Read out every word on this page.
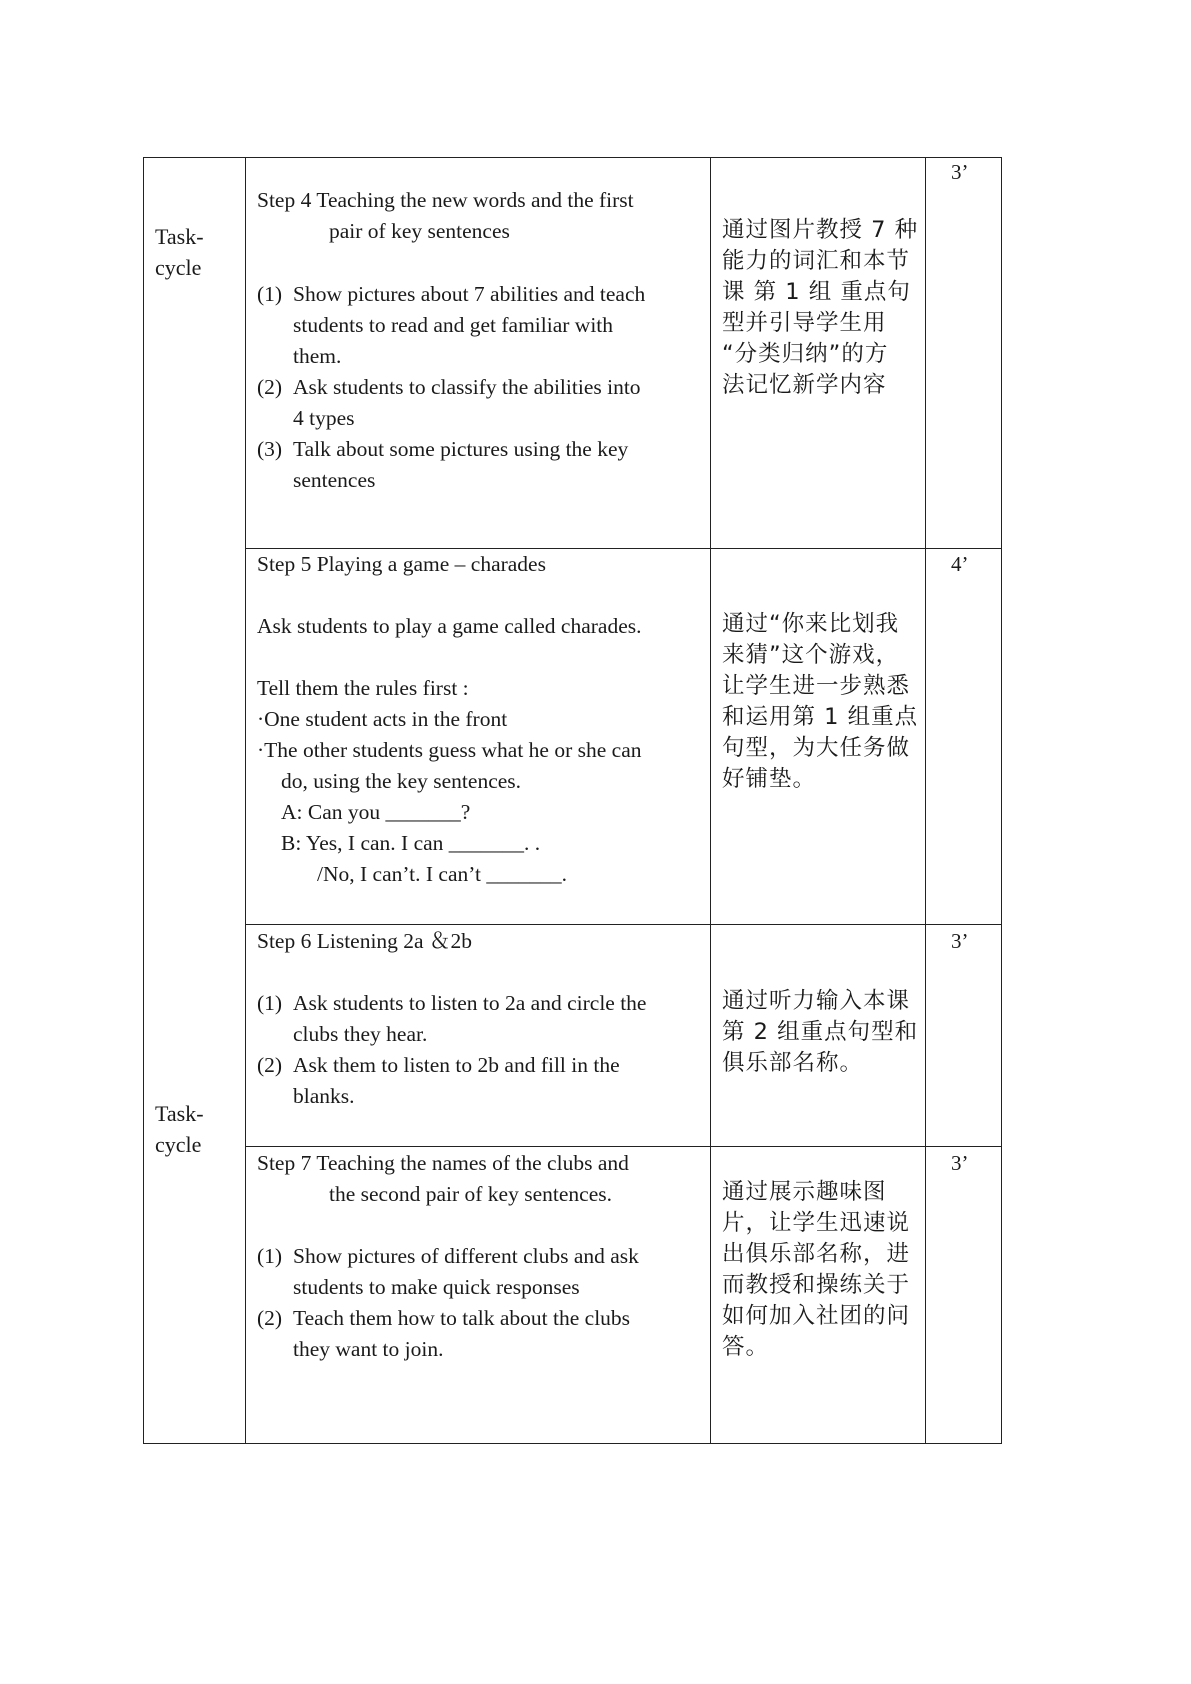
Task-
cycle
Task-
cycle
Step 4 Teaching the new words and the first
pair of key sentences
(1) Show pictures about 7 abilities and teach
students to read and get familiar with
them.
(2) Ask students to classify the abilities into
4 types
(3) Talk about some pictures using the key
sentences
通过图片教授 7 种
能力的词汇和本节
课 第 1 组 重点句
型并引导学生用
“分类归纳”的方
法记忆新学内容
3’
Step 5 Playing a game – charades
Ask students to play a game called charades.
Tell them the rules first :
·One student acts in the front
·The other students guess what he or she can
do, using the key sentences.
A: Can you _______?
B: Yes, I can. I can _______. .
/No, I can’t. I can’t _______.
通过“你来比划我
来猜”这个游戏，
让学生进一步熟悉
和运用第 1 组重点
句型，为大任务做
好铺垫。
4’
Step 6 Listening 2a ＆2b
(1) Ask students to listen to 2a and circle the
clubs they hear.
(2) Ask them to listen to 2b and fill in the
blanks.
通过听力输入本课
第 2 组重点句型和
俱乐部名称。
3’
Step 7 Teaching the names of the clubs and
the second pair of key sentences.
(1) Show pictures of different clubs and ask
students to make quick responses
(2) Teach them how to talk about the clubs
they want to join.
通过展示趣味图
片，让学生迅速说
出俱乐部名称，进
而教授和操练关于
如何加入社团的问
答。
3’
